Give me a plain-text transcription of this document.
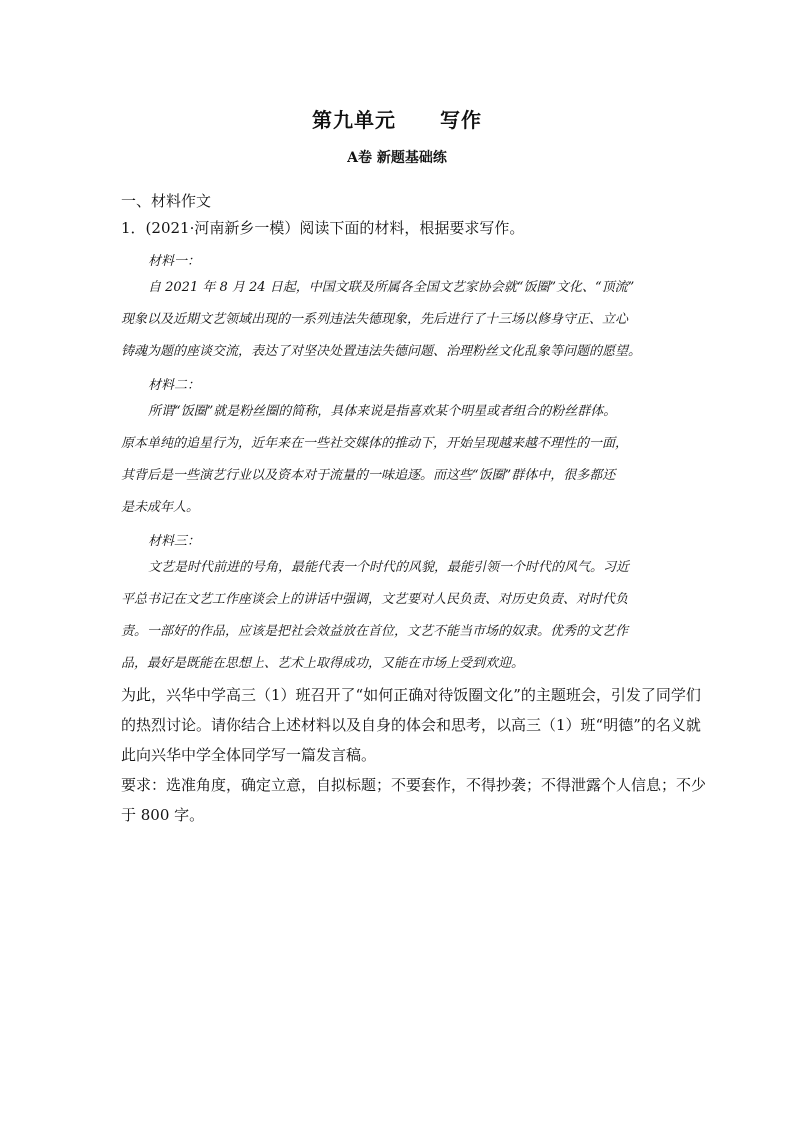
第九单元 写作
A卷 新题基础练
一、材料作文
1．(2021·河南新乡一模）阅读下面的材料，根据要求写作。
材料一：
自 2021 年 8 月 24 日起，中国文联及所属各全国文艺家协会就“饭圈”文化、“顶流”
现象以及近期文艺领域出现的一系列违法失德现象，先后进行了十三场以修身守正、立心
铸魂为题的座谈交流，表达了对坚决处置违法失德问题、治理粉丝文化乱象等问题的愿望。
材料二：
所谓“饭圈”就是粉丝圈的简称，具体来说是指喜欢某个明星或者组合的粉丝群体。
原本单纯的追星行为，近年来在一些社交媒体的推动下，开始呈现越来越不理性的一面，
其背后是一些演艺行业以及资本对于流量的一味追逐。而这些“饭圈”群体中，很多都还
是未成年人。
材料三：
文艺是时代前进的号角，最能代表一个时代的风貌，最能引领一个时代的风气。习近
平总书记在文艺工作座谈会上的讲话中强调，文艺要对人民负责、对历史负责、对时代负
责。一部好的作品，应该是把社会效益放在首位，文艺不能当市场的奴隶。优秀的文艺作
品，最好是既能在思想上、艺术上取得成功，又能在市场上受到欢迎。
为此，兴华中学高三（1）班召开了“如何正确对待饭圈文化”的主题班会，引发了同学们
的热烈讨论。请你结合上述材料以及自身的体会和思考，以高三（1）班“明德”的名义就
此向兴华中学全体同学写一篇发言稿。
要求：选准角度，确定立意，自拟标题；不要套作，不得抄袭；不得泄露个人信息；不少
于 800 字。
